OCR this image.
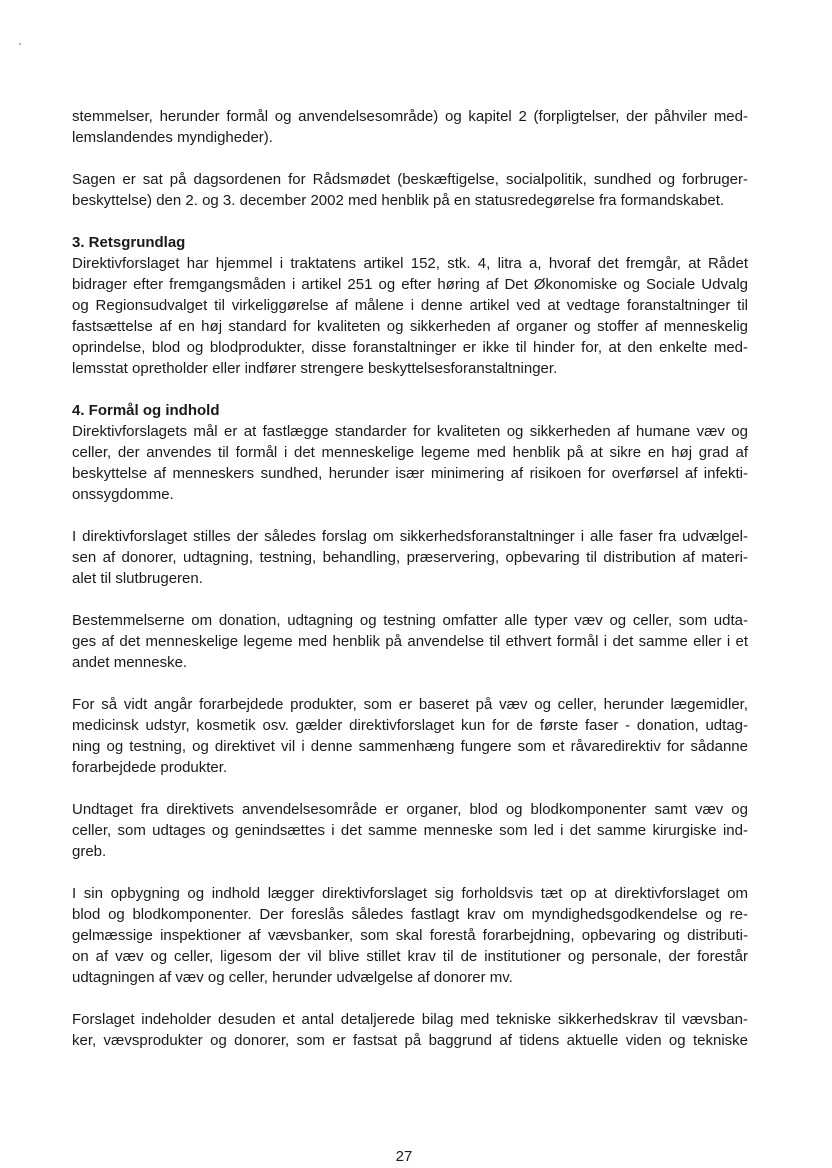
stemmelser, herunder formål og anvendelsesområde) og kapitel 2 (forpligtelser, der påhviler med-
lemslandendes myndigheder).
Sagen er sat på dagsordenen for Rådsmødet (beskæftigelse, socialpolitik, sundhed og forbruger-
beskyttelse) den 2. og 3. december 2002 med henblik på en statusredegørelse fra formandskabet.
3. Retsgrundlag
Direktivforslaget har hjemmel i traktatens artikel 152, stk. 4, litra a, hvoraf det fremgår, at Rådet
bidrager efter fremgangsmåden i artikel 251 og efter høring af Det Økonomiske og Sociale Udvalg
og Regionsudvalget til virkeliggørelse af målene i denne artikel ved at vedtage foranstaltninger til
fastsættelse af en høj standard for kvaliteten og sikkerheden af organer og stoffer af menneskelig
oprindelse, blod og blodprodukter, disse foranstaltninger er ikke til hinder for, at den enkelte med-
lemsstat opretholder eller indfører strengere beskyttelsesforanstaltninger.
4. Formål og indhold
Direktivforslagets mål er at fastlægge standarder for kvaliteten og sikkerheden af humane væv og
celler, der anvendes til formål i det menneskelige legeme med henblik på at sikre en høj grad af
beskyttelse af menneskers sundhed, herunder især minimering af risikoen for overførsel af infekti-
onssygdomme.
I direktivforslaget stilles der således forslag om sikkerhedsforanstaltninger i alle faser fra udvælgel-
sen af donorer, udtagning, testning, behandling, præservering, opbevaring til distribution af materi-
alet til slutbrugeren.
Bestemmelserne om donation, udtagning og testning omfatter alle typer væv og celler, som udta-
ges af det menneskelige legeme med henblik på anvendelse til ethvert formål i det samme eller i et
andet menneske.
For så vidt angår forarbejdede produkter, som er baseret på væv og celler, herunder lægemidler,
medicinsk udstyr, kosmetik osv. gælder direktivforslaget kun for de første faser - donation, udtag-
ning og testning, og direktivet vil i denne sammenhæng fungere som et råvaredirektiv for sådanne
forarbejdede produkter.
Undtaget fra direktivets anvendelsesområde er organer, blod og blodkomponenter samt væv og
celler, som udtages og genindsættes i det samme menneske som led i det samme kirurgiske ind-
greb.
I sin opbygning og indhold lægger direktivforslaget sig forholdsvis tæt op at direktivforslaget om
blod og blodkomponenter. Der foreslås således fastlagt krav om myndighedsgodkendelse og re-
gelmæssige inspektioner af vævsbanker, som skal forestå forarbejdning, opbevaring og distributi-
on af væv og celler, ligesom der vil blive stillet krav til de institutioner og personale, der forestår
udtagningen af væv og celler, herunder udvælgelse af donorer mv.
Forslaget indeholder desuden et antal detaljerede bilag med tekniske sikkerhedskrav til vævsban-
ker, vævsprodukter og donorer, som er fastsat på baggrund af tidens aktuelle viden og tekniske
27
